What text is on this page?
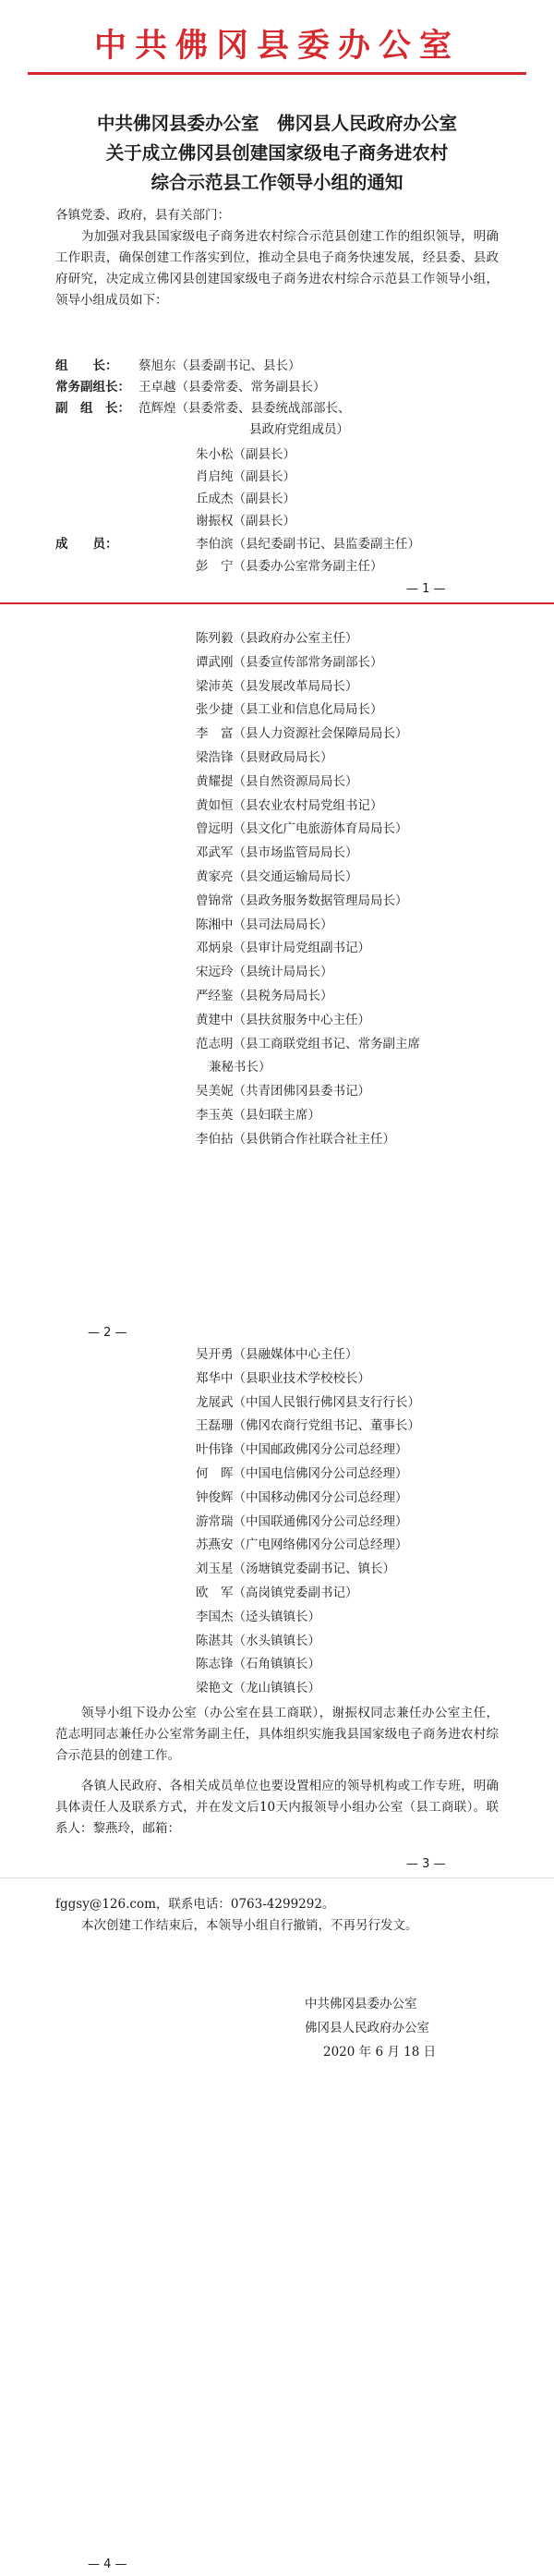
中共佛冈县委办公室
中共佛冈县委办公室　佛冈县人民政府办公室
关于成立佛冈县创建国家级电子商务进农村
综合示范县工作领导小组的通知
各镇党委、政府，县有关部门：
为加强对我县国家级电子商务进农村综合示范县创建工作的组织领导，明确工作职责，确保创建工作落实到位，推动全县电子商务快速发展，经县委、县政府研究，决定成立佛冈县创建国家级电子商务进农村综合示范县工作领导小组，领导小组成员如下：
组　　长： 蔡旭东（县委副书记、县长）
常务副组长： 王卓越（县委常委、常务副县长）
副　组　长： 范辉煌（县委常委、县委统战部部长、
县政府党组成员）
朱小松（副县长）
肖启纯（副县长）
丘成杰（副县长）
谢振权（副县长）
成　　员：	李伯滨（县纪委副书记、县监委副主任）
彭　宁（县委办公室常务副主任）
— 1 —
陈列毅（县政府办公室主任）
谭武刚（县委宣传部常务副部长）
梁沛英（县发展改革局局长）
张少捷（县工业和信息化局局长）
李　富（县人力资源社会保障局局长）
梁浩锋（县财政局局长）
黄耀提（县自然资源局局长）
黄如恒（县农业农村局党组书记）
曾远明（县文化广电旅游体育局局长）
邓武军（县市场监管局局长）
黄家亮（县交通运输局局长）
曾锦常（县政务服务数据管理局局长）
陈湘中（县司法局局长）
邓炳泉（县审计局党组副书记）
宋远玲（县统计局局长）
严经鉴（县税务局局长）
黄建中（县扶贫服务中心主任）
范志明（县工商联党组书记、常务副主席
兼秘书长）
吴美妮（共青团佛冈县委书记）
李玉英（县妇联主席）
李伯拈（县供销合作社联合社主任）
— 2 —
吴开勇（县融媒体中心主任）
郑华中（县职业技术学校校长）
龙展武（中国人民银行佛冈县支行行长）
王磊珊（佛冈农商行党组书记、董事长）
叶伟锋（中国邮政佛冈分公司总经理）
何　晖（中国电信佛冈分公司总经理）
钟俊辉（中国移动佛冈分公司总经理）
游常瑞（中国联通佛冈分公司总经理）
苏燕安（广电网络佛冈分公司总经理）
刘玉星（汤塘镇党委副书记、镇长）
欧　军（高岗镇党委副书记）
李国杰（迳头镇镇长）
陈湛其（水头镇镇长）
陈志锋（石角镇镇长）
梁艳文（龙山镇镇长）
领导小组下设办公室（办公室在县工商联），谢振权同志兼任办公室主任，范志明同志兼任办公室常务副主任，具体组织实施我县国家级电子商务进农村综合示范县的创建工作。
各镇人民政府、各相关成员单位也要设置相应的领导机构或工作专班，明确具体责任人及联系方式，并在发文后10天内报领导小组办公室（县工商联）。联系人：黎燕玲，邮箱：
— 3 —
fggsy@126.com，联系电话：0763-4299292。
本次创建工作结束后，本领导小组自行撤销，不再另行发文。
中共佛冈县委办公室
佛冈县人民政府办公室
2020 年 6 月 18 日
— 4 —
